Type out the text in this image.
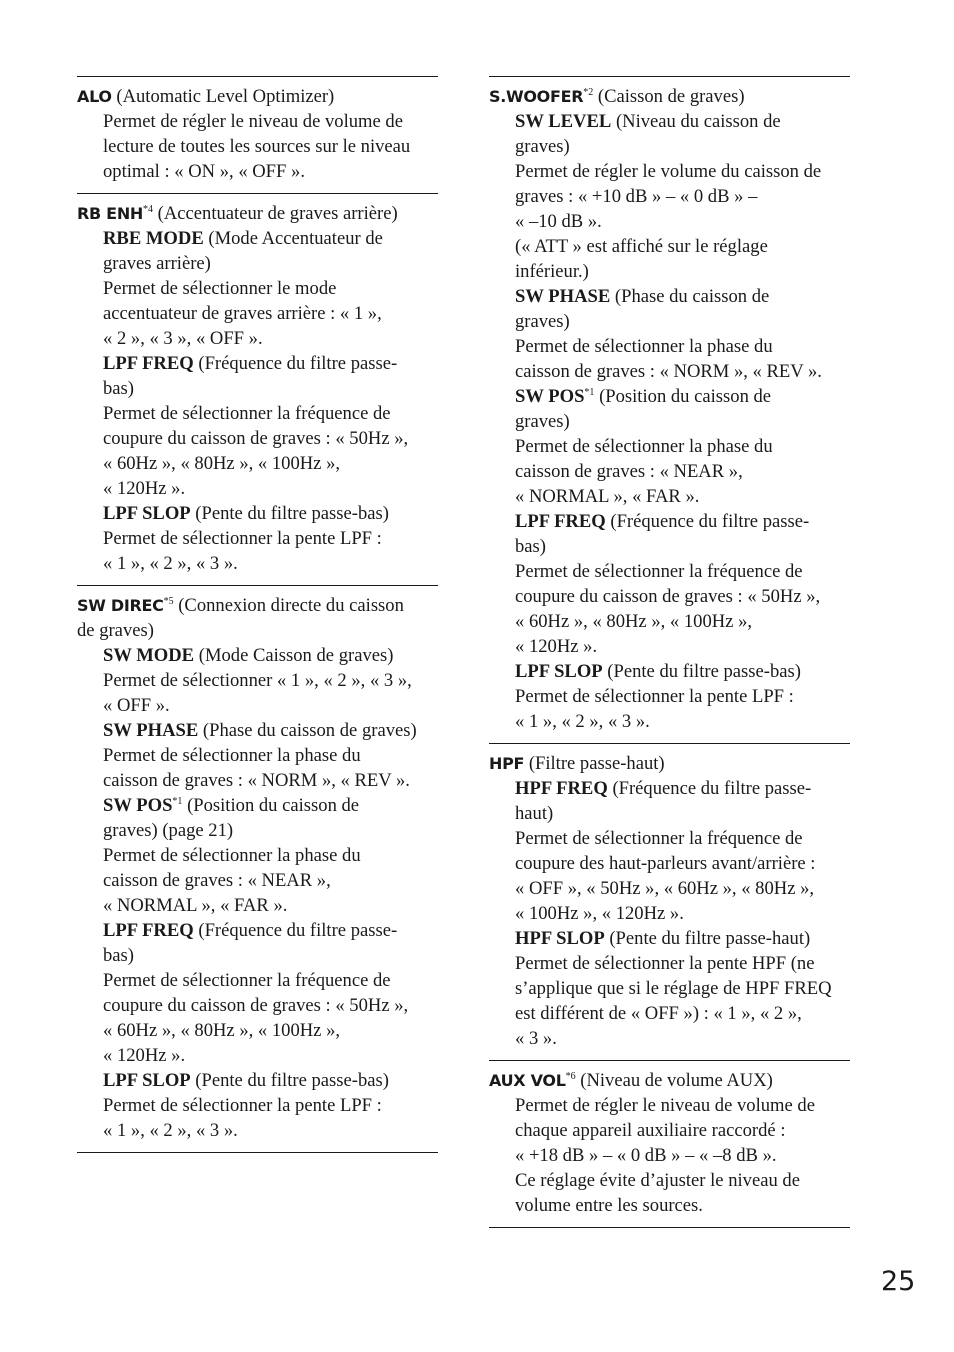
ALO (Automatic Level Optimizer)
Permet de régler le niveau de volume de
lecture de toutes les sources sur le niveau
optimal : « ON », « OFF ».
RB ENH$^{*4}$ (Accentuateur de graves arrière)
RBE MODE (Mode Accentuateur de
graves arrière)
Permet de sélectionner le mode
accentuateur de graves arrière : « 1 »,
« 2 », « 3 », « OFF ».
LPF FREQ (Fréquence du filtre passe-
bas)
Permet de sélectionner la fréquence de
coupure du caisson de graves : « 50Hz »,
« 60Hz », « 80Hz », « 100Hz »,
« 120Hz ».
LPF SLOP (Pente du filtre passe-bas)
Permet de sélectionner la pente LPF :
« 1 », « 2 », « 3 ».
SW DIREC$^{*5}$ (Connexion directe du caisson
de graves)
SW MODE (Mode Caisson de graves)
Permet de sélectionner « 1 », « 2 », « 3 »,
« OFF ».
SW PHASE (Phase du caisson de graves)
Permet de sélectionner la phase du
caisson de graves : « NORM », « REV ».
SW POS$^{*1}$ (Position du caisson de
graves) (page 21)
Permet de sélectionner la phase du
caisson de graves : « NEAR »,
« NORMAL », « FAR ».
LPF FREQ (Fréquence du filtre passe-
bas)
Permet de sélectionner la fréquence de
coupure du caisson de graves : « 50Hz »,
« 60Hz », « 80Hz », « 100Hz »,
« 120Hz ».
LPF SLOP (Pente du filtre passe-bas)
Permet de sélectionner la pente LPF :
« 1 », « 2 », « 3 ».
S.WOOFER$^{*2}$ (Caisson de graves)
SW LEVEL (Niveau du caisson de
graves)
Permet de régler le volume du caisson de
graves : « +10 dB » – « 0 dB » –
« –10 dB ».
(« ATT » est affiché sur le réglage
inférieur.)
SW PHASE (Phase du caisson de
graves)
Permet de sélectionner la phase du
caisson de graves : « NORM », « REV ».
SW POS$^{*1}$ (Position du caisson de
graves)
Permet de sélectionner la phase du
caisson de graves : « NEAR »,
« NORMAL », « FAR ».
LPF FREQ (Fréquence du filtre passe-
bas)
Permet de sélectionner la fréquence de
coupure du caisson de graves : « 50Hz »,
« 60Hz », « 80Hz », « 100Hz »,
« 120Hz ».
LPF SLOP (Pente du filtre passe-bas)
Permet de sélectionner la pente LPF :
« 1 », « 2 », « 3 ».
HPF (Filtre passe-haut)
HPF FREQ (Fréquence du filtre passe-
haut)
Permet de sélectionner la fréquence de
coupure des haut-parleurs avant/arrière :
« OFF », « 50Hz », « 60Hz », « 80Hz »,
« 100Hz », « 120Hz ».
HPF SLOP (Pente du filtre passe-haut)
Permet de sélectionner la pente HPF (ne
s’applique que si le réglage de HPF FREQ
est différent de « OFF ») : « 1 », « 2 »,
« 3 ».
AUX VOL$^{*6}$ (Niveau de volume AUX)
Permet de régler le niveau de volume de
chaque appareil auxiliaire raccordé :
« +18 dB » – « 0 dB » – « –8 dB ».
Ce réglage évite d’ajuster le niveau de
volume entre les sources.
25
